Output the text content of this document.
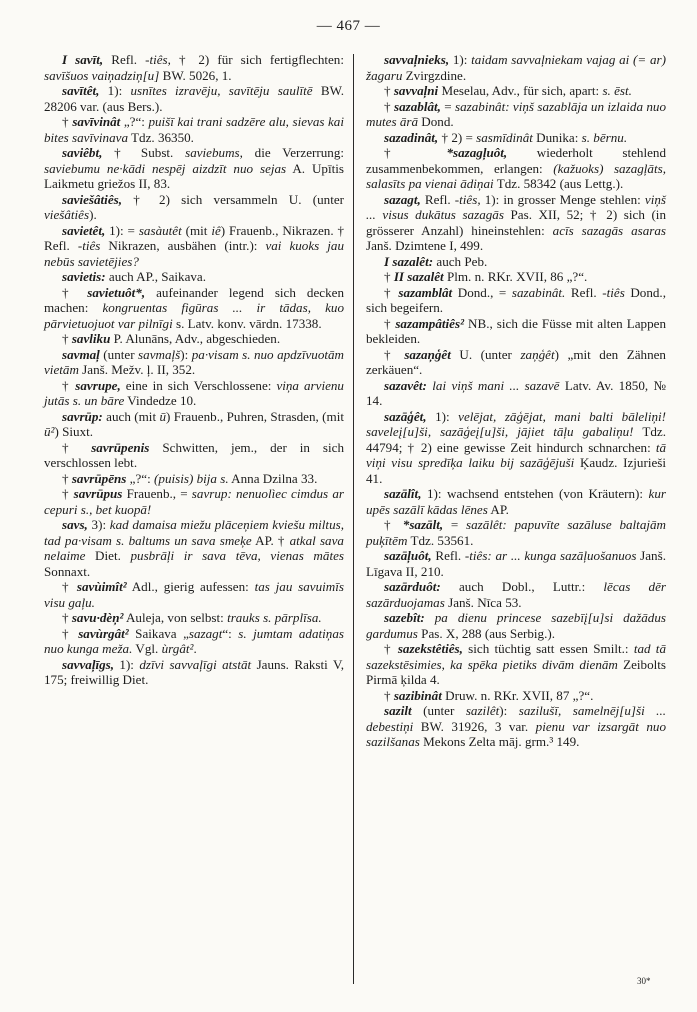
— 467 —

I savīt, Refl. -tiês, † 2) für sich fertigflechten: savīšuos vaiņadziņ[u] BW. 5026, 1.

savītêt, 1): usnītes izravēju, savītēju saulītē BW. 28206 var. (aus Bers.).

† savīvinât „?“: puišī kai trani sadzēre alu, sievas kai bites savīvinava Tdz. 36350.

saviêbt, † Subst. saviebums, die Verzerrung: saviebumu ne·kādi nespēj aizdzīt nuo sejas A. Upītis Laikmetu griežos II, 83.

saviešâtiês, † 2) sich versammeln U. (unter viešâtiês).

savietêt, 1): = sasàutêt (mit iê) Frauenb., Nikrazen. † Refl. -tiês Nikrazen, ausbähen (intr.): vai kuoks jau nebūs savietējies?

savietis: auch AP., Saikava.

† savietuôt*, aufeinander legend sich decken machen: kongruentas figūras ... ir tādas, kuo pārvietuojuot var pilnīgi s. Latv. konv. vārdn. 17338.

† savliku P. Alunāns, Adv., abgeschieden.

savmaļ (unter savmaļš): pa·visam s. nuo apdzīvuotām vietām Janš. Mežv. ļ. II, 352.

† savrupe, eine in sich Verschlossene: viņa arvienu jutās s. un bāre Vindedze 10.

savrūp: auch (mit ū) Frauenb., Puhren, Strasden, (mit ū²) Siuxt.

† savrūpenis Schwitten, jem., der in sich verschlossen lebt.

† savrūpēns „?“: (puisis) bija s. Anna Dzilna 33.

† savrūpus Frauenb., = savrup: nenuolìec cimdus ar cepuri s., bet kuopā!

savs, 3): kad damaisa miežu plāceņiem kviešu miltus, tad pa·visam s. baltums un sava smeķe AP. † atkal sava nelaime Diet. pusbrāļi ir sava tēva, vienas mātes Sonnaxt.

† savùimît² Adl., gierig aufessen: tas jau savuimīs visu gaļu.

† savu·dèņ² Auleja, von selbst: trauks s. pārplīsa.

† savùrgât² Saikava „sazagt“: s. jumtam adatiņas nuo kunga meža. Vgl. ùrgât².

savvaļīgs, 1): dzīvi savvaļīgi atstāt Jauns. Raksti V, 175; freiwillig Diet.

savvaļnieks, 1): taidam savvaļniekam vajag ai (= ar) žagaru Zvirgzdine.

† savvaļni Meselau, Adv., für sich, apart: s. ēst.

† sazablât, = sazabinât: viņš sazablāja un izlaida nuo mutes ārā Dond.

sazadinât, † 2) = sasmīdinât Dunika: s. bērnu.

† *sazagļuôt, wiederholt stehlend zusammenbekommen, erlangen: (kažuoks) sazagļāts, salasīts pa vienai ādiņai Tdz. 58342 (aus Lettg.).

sazagt, Refl. -tiês, 1): in grosser Menge stehlen: viņš ... visus dukātus sazagās Pas. XII, 52; † 2) sich (in grösserer Anzahl) hineinstehlen: acīs sazagās asaras Janš. Dzimtene I, 499.

I sazalêt: auch Peb.

† II sazalêt Plm. n. RKr. XVII, 86 „?“.

† sazamblât Dond., = sazabinât. Refl. -tiês Dond., sich begeifern.

† sazampâtiês² NB., sich die Füsse mit alten Lappen bekleiden.

† sazaņģêt U. (unter zaņģêt) „mit den Zähnen zerkäuen“.

sazavêt: lai viņš mani ... sazavē Latv. Av. 1850, № 14.

sazāģêt, 1): velējat, zāģējat, mani balti bāleliņi! saveleį[u]ši, sazāģeį[u]ši, jājiet tāļu gabaliņu! Tdz. 44794; † 2) eine gewisse Zeit hindurch schnarchen: tā viņi visu spredīķa laiku bij sazāģējuši Ķaudz. Izjurieši 41.

sazālît, 1): wachsend entstehen (von Kräutern): kur upēs sazālī kādas lēnes AP.

† *sazālt, = sazālêt: papuvīte sazāluse baltajām puķītēm Tdz. 53561.

sazāļuôt, Refl. -tiês: ar ... kunga sazāļuošanuos Janš. Līgava II, 210.

sazārduôt: auch Dobl., Luttr.: lēcas dēr sazārduojamas Janš. Nīca 53.

sazebît: pa dienu princese sazebīį[u]si dažādus gardumus Pas. X, 288 (aus Serbig.).

† sazekstêtiês, sich tüchtig satt essen Smilt.: tad tā sazekstēsimies, ka spēka pietiks divām dienām Zeibolts Pirmā ķilda 4.

† sazibinât Druw. n. RKr. XVII, 87 „?“.

sazilt (unter sazilêt): sazilušī, samelnēj[u]ši ... debestiņi BW. 31926, 3 var. pienu var izsargāt nuo sazilšanas Mekons Zelta māj. grm.³ 149.

30*
